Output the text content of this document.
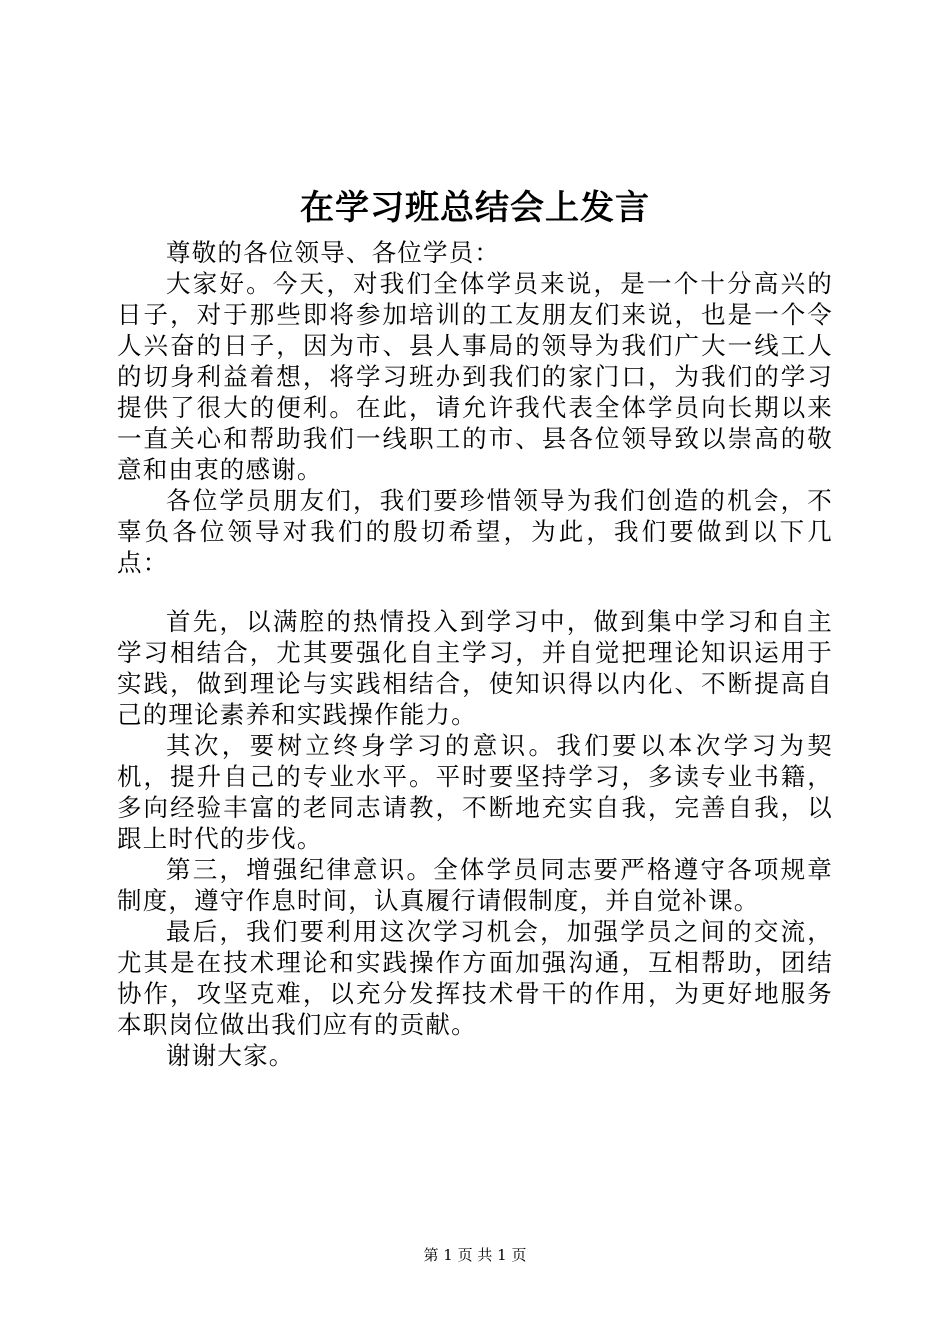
在学习班总结会上发言

尊敬的各位领导、各位学员：

大家好。今天，对我们全体学员来说，是一个十分高兴的日子，对于那些即将参加培训的工友朋友们来说，也是一个令人兴奋的日子，因为市、县人事局的领导为我们广大一线工人的切身利益着想，将学习班办到我们的家门口，为我们的学习提供了很大的便利。在此，请允许我代表全体学员向长期以来一直关心和帮助我们一线职工的市、县各位领导致以崇高的敬意和由衷的感谢。

各位学员朋友们，我们要珍惜领导为我们创造的机会，不辜负各位领导对我们的殷切希望，为此，我们要做到以下几点：

首先，以满腔的热情投入到学习中，做到集中学习和自主学习相结合，尤其要强化自主学习，并自觉把理论知识运用于实践，做到理论与实践相结合，使知识得以内化、不断提高自己的理论素养和实践操作能力。

其次，要树立终身学习的意识。我们要以本次学习为契机，提升自己的专业水平。平时要坚持学习，多读专业书籍，多向经验丰富的老同志请教，不断地充实自我，完善自我，以跟上时代的步伐。

第三，增强纪律意识。全体学员同志要严格遵守各项规章制度，遵守作息时间，认真履行请假制度，并自觉补课。

最后，我们要利用这次学习机会，加强学员之间的交流，尤其是在技术理论和实践操作方面加强沟通，互相帮助，团结协作，攻坚克难，以充分发挥技术骨干的作用，为更好地服务本职岗位做出我们应有的贡献。

谢谢大家。

第 1 页 共 1 页
